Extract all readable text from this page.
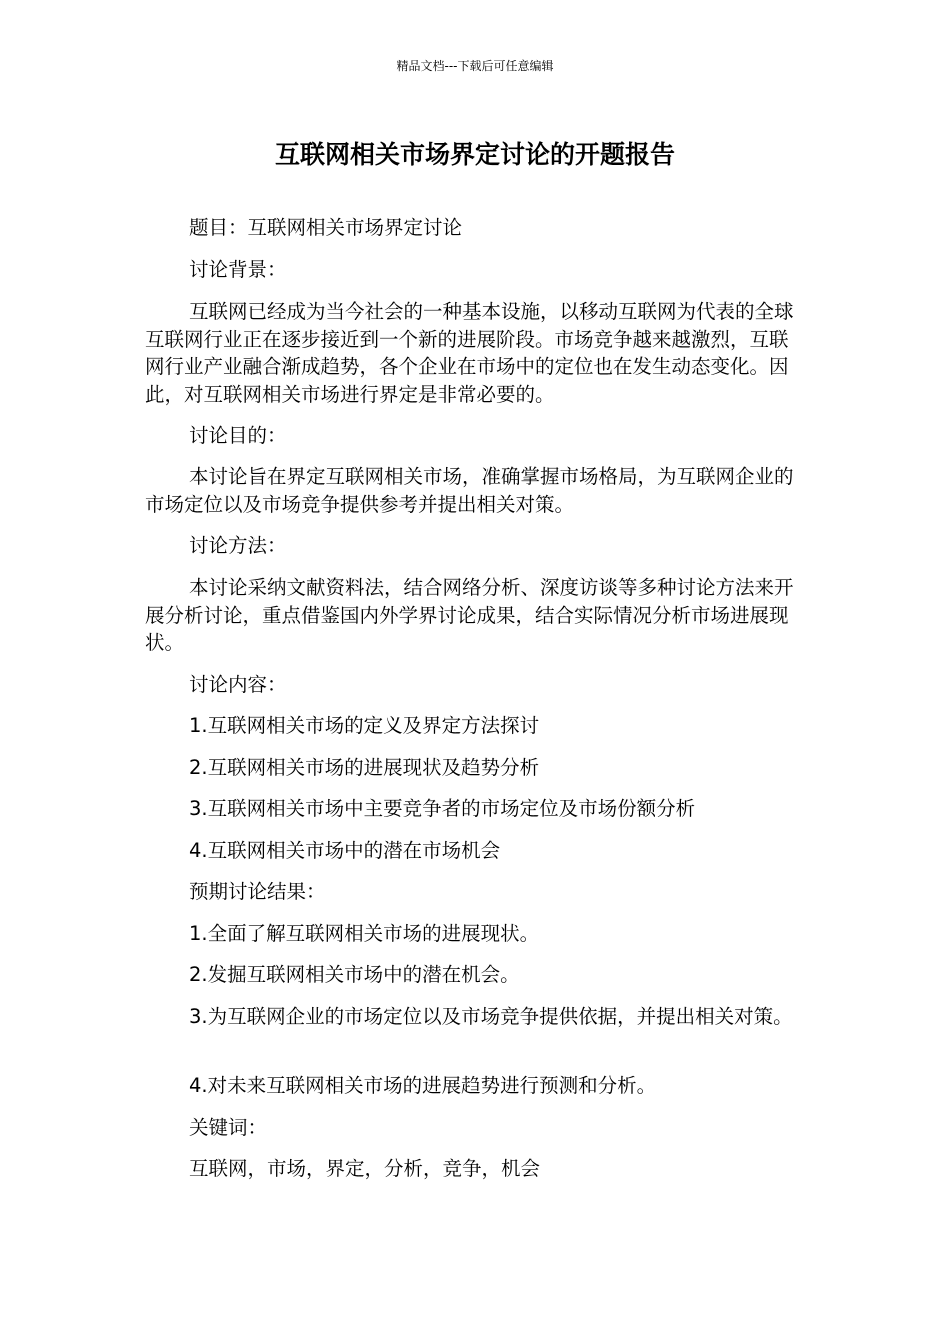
精品文档---下载后可任意编辑
互联网相关市场界定讨论的开题报告

题目：互联网相关市场界定讨论

讨论背景：

互联网已经成为当今社会的一种基本设施，以移动互联网为代表的全球互联网行业正在逐步接近到一个新的进展阶段。市场竞争越来越激烈，互联网行业产业融合渐成趋势，各个企业在市场中的定位也在发生动态变化。因此，对互联网相关市场进行界定是非常必要的。

讨论目的：

本讨论旨在界定互联网相关市场，准确掌握市场格局，为互联网企业的市场定位以及市场竞争提供参考并提出相关对策。

讨论方法：

本讨论采纳文献资料法，结合网络分析、深度访谈等多种讨论方法来开展分析讨论，重点借鉴国内外学界讨论成果，结合实际情况分析市场进展现状。

讨论内容：

1.互联网相关市场的定义及界定方法探讨

2.互联网相关市场的进展现状及趋势分析

3.互联网相关市场中主要竞争者的市场定位及市场份额分析

4.互联网相关市场中的潜在市场机会

预期讨论结果：

1.全面了解互联网相关市场的进展现状。

2.发掘互联网相关市场中的潜在机会。

3.为互联网企业的市场定位以及市场竞争提供依据，并提出相关对策。

4.对未来互联网相关市场的进展趋势进行预测和分析。

关键词：

互联网，市场，界定，分析，竞争，机会
